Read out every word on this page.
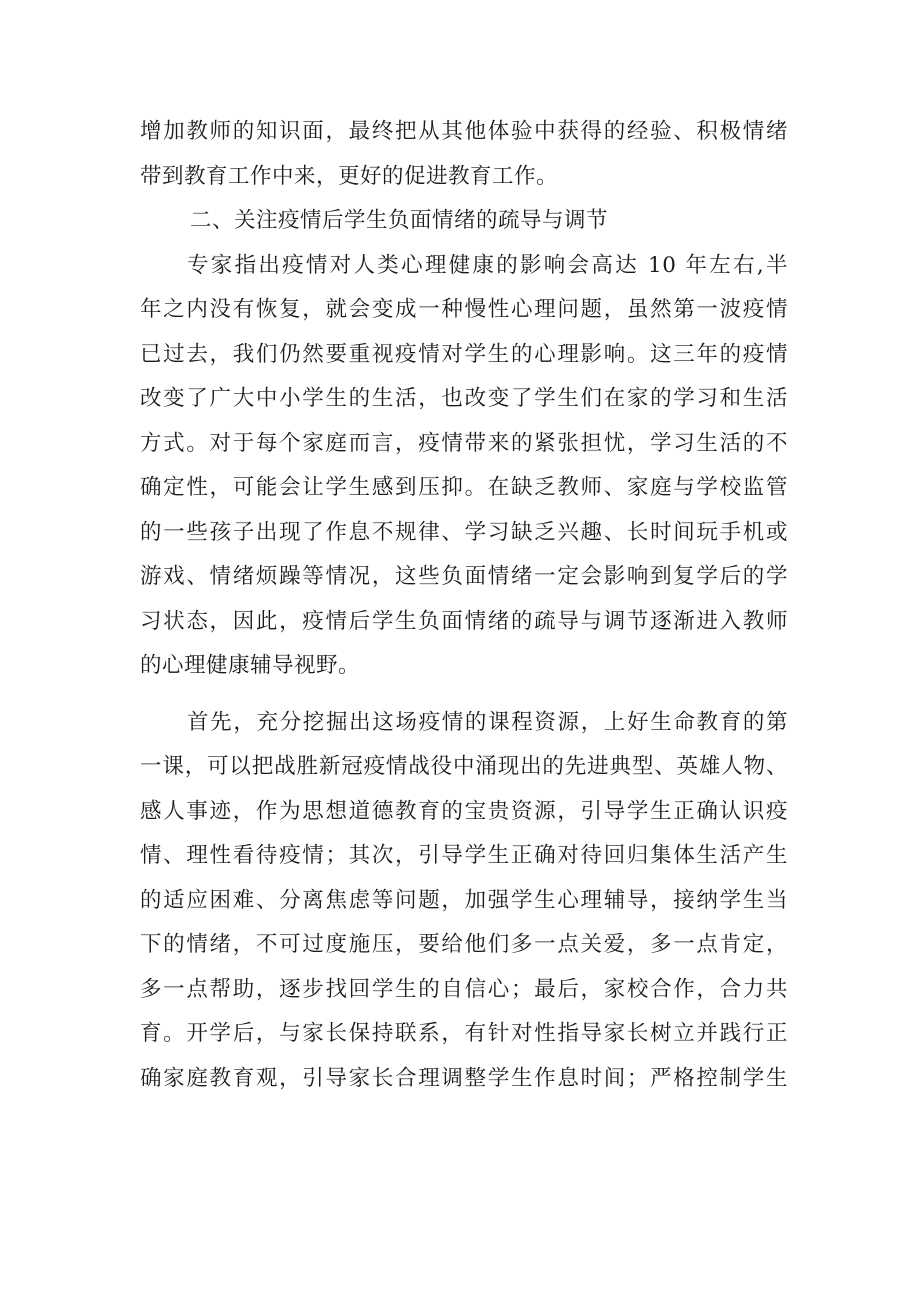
增加教师的知识面，最终把从其他体验中获得的经验、积极情绪
带到教育工作中来，更好的促进教育工作。
二、关注疫情后学生负面情绪的疏导与调节
专家指出疫情对人类心理健康的影响会高达 10 年左右,半
年之内没有恢复，就会变成一种慢性心理问题，虽然第一波疫情
已过去，我们仍然要重视疫情对学生的心理影响。这三年的疫情
改变了广大中小学生的生活，也改变了学生们在家的学习和生活
方式。对于每个家庭而言，疫情带来的紧张担忧，学习生活的不
确定性，可能会让学生感到压抑。在缺乏教师、家庭与学校监管
的一些孩子出现了作息不规律、学习缺乏兴趣、长时间玩手机或
游戏、情绪烦躁等情况，这些负面情绪一定会影响到复学后的学
习状态，因此，疫情后学生负面情绪的疏导与调节逐渐进入教师
的心理健康辅导视野。
首先，充分挖掘出这场疫情的课程资源，上好生命教育的第
一课，可以把战胜新冠疫情战役中涌现出的先进典型、英雄人物、
感人事迹，作为思想道德教育的宝贵资源，引导学生正确认识疫
情、理性看待疫情；其次，引导学生正确对待回归集体生活产生
的适应困难、分离焦虑等问题，加强学生心理辅导，接纳学生当
下的情绪，不可过度施压，要给他们多一点关爱，多一点肯定，
多一点帮助，逐步找回学生的自信心；最后，家校合作，合力共
育。开学后，与家长保持联系，有针对性指导家长树立并践行正
确家庭教育观，引导家长合理调整学生作息时间；严格控制学生
